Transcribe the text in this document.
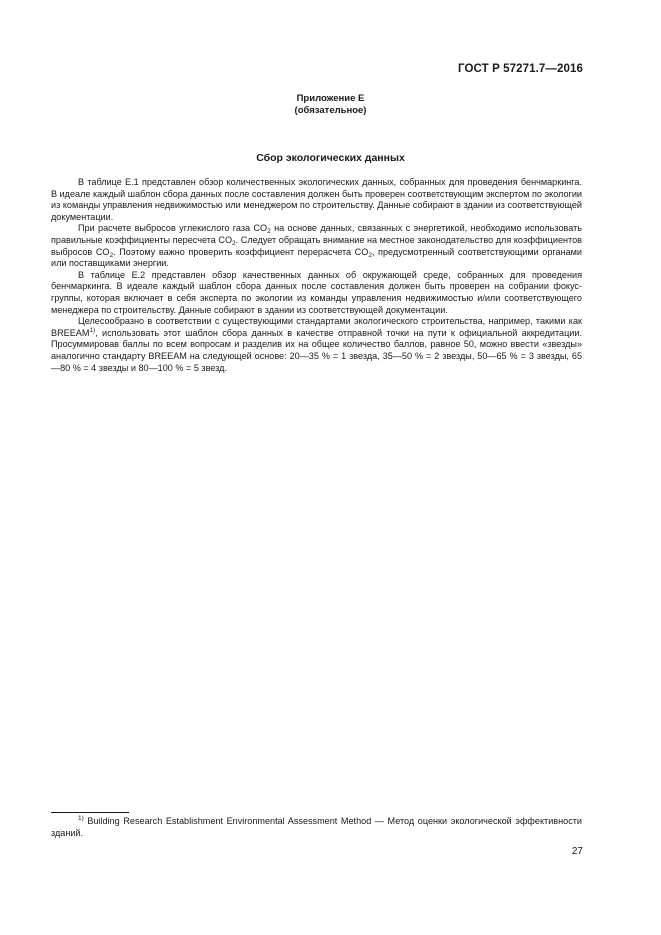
ГОСТ Р 57271.7—2016
Приложение Е
(обязательное)
Сбор экологических данных

В таблице Е.1 представлен обзор количественных экологических данных, собранных для проведения бенчмаркинга. В идеале каждый шаблон сбора данных после составления должен быть проверен соответствующим экспертом по экологии из команды управления недвижимостью или менеджером по строительству. Данные собирают в здании из соответствующей документации.

При расчете выбросов углекислого газа $CO_2$ на основе данных, связанных с энергетикой, необходимо использовать правильные коэффициенты пересчета $CO_2$. Следует обращать внимание на местное законодательство для коэффициентов выбросов $CO_2$. Поэтому важно проверить коэффициент перерасчета $CO_2$, предусмотренный соответствующими органами или поставщиками энергии.

В таблице Е.2 представлен обзор качественных данных об окружающей среде, собранных для проведения бенчмаркинга. В идеале каждый шаблон сбора данных после составления должен быть проверен на собрании фокус-группы, которая включает в себя эксперта по экологии из команды управления недвижимостью и/или соответствующего менеджера по строительству. Данные собирают в здании из соответствующей документации.

Целесообразно в соответствии с существующими стандартами экологического строительства, например, такими как BREEAM$^{1)}$, использовать этот шаблон сбора данных в качестве отправной точки на пути к официальной аккредитации. Просуммировав баллы по всем вопросам и разделив их на общее количество баллов, равное 50, можно ввести «звезды» аналогично стандарту BREEAM на следующей основе: 20—35 % = 1 звезда, 35—50 % = 2 звезды, 50—65 % = 3 звезды, 65—80 % = 4 звезды и 80—100 % = 5 звезд.

$^{1)}$ Building Research Establishment Environmental Assessment Method — Метод оценки экологической эффективности зданий.
27
